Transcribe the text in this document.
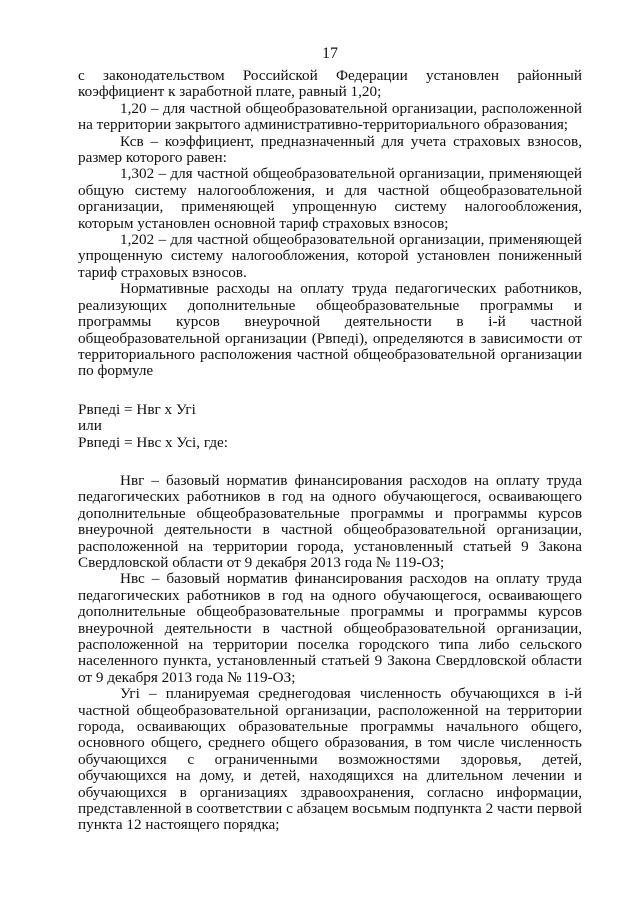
17

с законодательством Российской Федерации установлен районный коэффициент к заработной плате, равный 1,20;

1,20 – для частной общеобразовательной организации, расположенной на территории закрытого административно-территориального образования;

Ксв – коэффициент, предназначенный для учета страховых взносов, размер которого равен:

1,302 – для частной общеобразовательной организации, применяющей общую систему налогообложения, и для частной общеобразовательной организации, применяющей упрощенную систему налогообложения, которым установлен основной тариф страховых взносов;

1,202 – для частной общеобразовательной организации, применяющей упрощенную систему налогообложения, которой установлен пониженный тариф страховых взносов.

Нормативные расходы на оплату труда педагогических работников, реализующих дополнительные общеобразовательные программы и программы курсов внеурочной деятельности в i-й частной общеобразовательной организации (Рвпеді), определяются в зависимости от территориального расположения частной общеобразовательной организации по формуле

Рвпеді = Нвг х Угі

или

Рвпеді = Нвс х Усі, где:

Нвг – базовый норматив финансирования расходов на оплату труда педагогических работников в год на одного обучающегося, осваивающего дополнительные общеобразовательные программы и программы курсов внеурочной деятельности в частной общеобразовательной организации, расположенной на территории города, установленный статьей 9 Закона Свердловской области от 9 декабря 2013 года № 119-ОЗ;

Нвс – базовый норматив финансирования расходов на оплату труда педагогических работников в год на одного обучающегося, осваивающего дополнительные общеобразовательные программы и программы курсов внеурочной деятельности в частной общеобразовательной организации, расположенной на территории поселка городского типа либо сельского населенного пункта, установленный статьей 9 Закона Свердловской области от 9 декабря 2013 года № 119-ОЗ;

Угі – планируемая среднегодовая численность обучающихся в i-й частной общеобразовательной организации, расположенной на территории города, осваивающих образовательные программы начального общего, основного общего, среднего общего образования, в том числе численность обучающихся с ограниченными возможностями здоровья, детей, обучающихся на дому, и детей, находящихся на длительном лечении и обучающихся в организациях здравоохранения, согласно информации, представленной в соответствии с абзацем восьмым подпункта 2 части первой пункта 12 настоящего порядка;
